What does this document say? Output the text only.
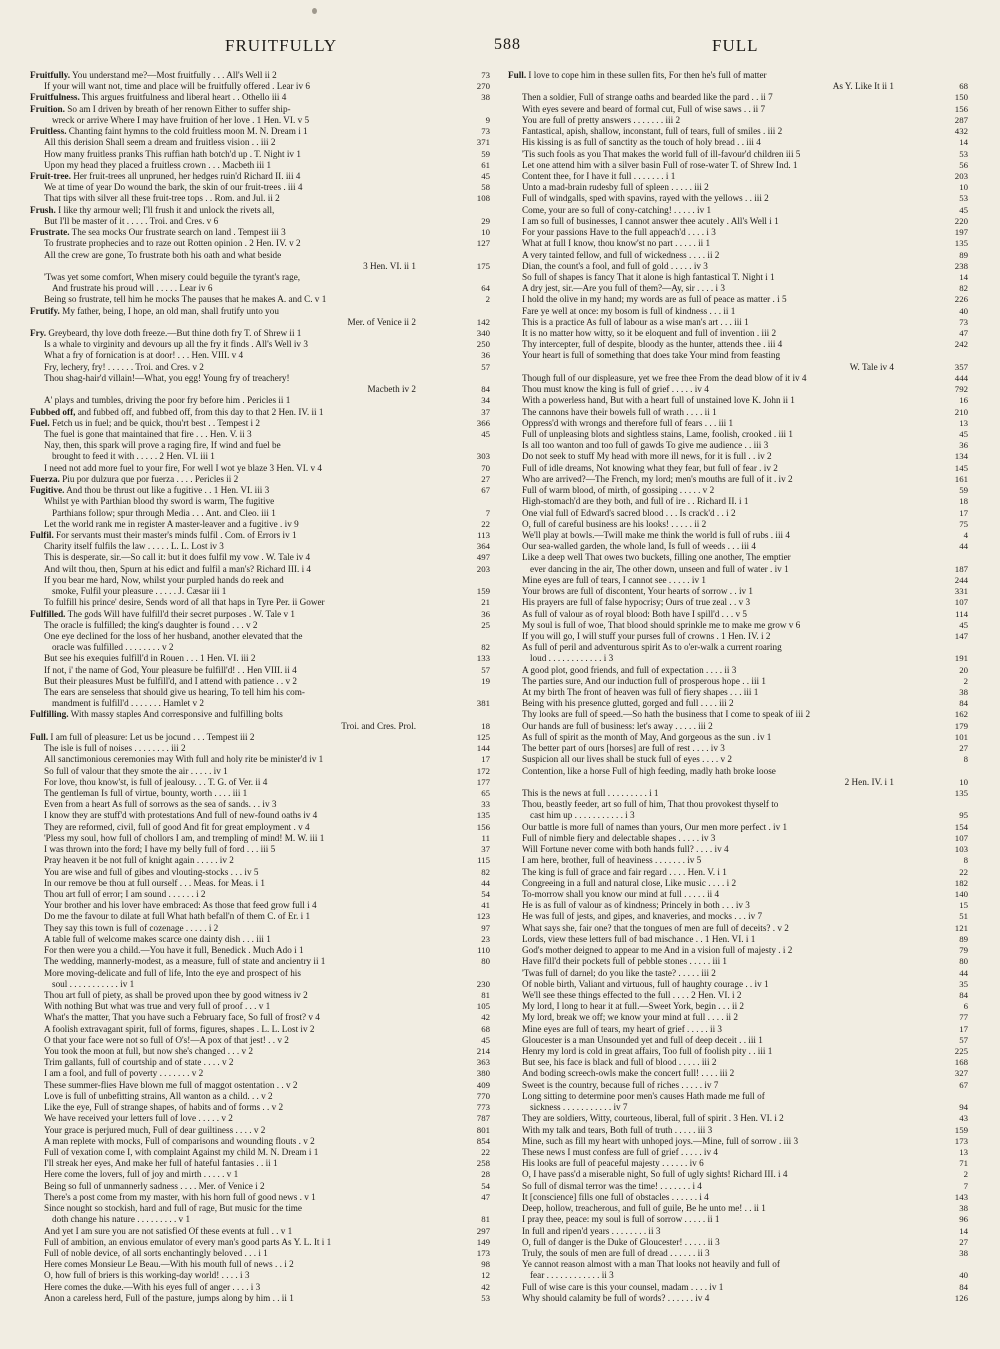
FRUITFULLY	588	FULL
Fruitfully. You understand me?—Most fruitfully . . . All's Well ii 2	73
If your will want not, time and place will be fruitfully offered . Lear iv 6	270
Fruitfulness. This argues fruitfulness and liberal heart . . Othello iii 4	38
Fruition. So am I driven by breath of her renown Either to suffer ship-
wreck or arrive Where I may have fruition of her love . 1 Hen. VI. v 5	9
Fruitless. Chanting faint hymns to the cold fruitless moon M. N. Dream i 1	73
All this derision Shall seem a dream and fruitless vision . . iii 2	371
How many fruitless pranks This ruffian hath botch'd up . T. Night iv 1	59
Upon my head they placed a fruitless crown . . . Macbeth iii 1	61
Fruit-tree. Her fruit-trees all unpruned, her hedges ruin'd Richard II. iii 4	45
We at time of year Do wound the bark, the skin of our fruit-trees . iii 4	58
That tips with silver all these fruit-tree tops . . Rom. and Jul. ii 2	108
Frush. I like thy armour well; I'll frush it and unlock the rivets all,
But I'll be master of it . . . . . Troi. and Cres. v 6	29
Frustrate. The sea mocks Our frustrate search on land . Tempest iii 3	10
To frustrate prophecies and to raze out Rotten opinion . 2 Hen. IV. v 2	127
All the crew are gone, To frustrate both his oath and what beside
3 Hen. VI. ii 1	175
'Twas yet some comfort, When misery could beguile the tyrant's rage,
And frustrate his proud will . . . . . Lear iv 6	64
Being so frustrate, tell him he mocks The pauses that he makes A. and C. v 1	2
Frutify. My father, being, I hope, an old man, shall frutify unto you
Mer. of Venice ii 2	142
Fry. Greybeard, thy love doth freeze.—But thine doth fry T. of Shrew ii 1	340
Is a whale to virginity and devours up all the fry it finds . All's Well iv 3	250
What a fry of fornication is at door! . . . Hen. VIII. v 4	36
Fry, lechery, fry! . . . . . . Troi. and Cres. v 2	57
Thou shag-hair'd villain!—What, you egg! Young fry of treachery!
Macbeth iv 2	84
A' plays and tumbles, driving the poor fry before him . Pericles ii 1	34
Fubbed off, and fubbed off, and fubbed off, from this day to that 2 Hen. IV. ii 1	37
Fuel. Fetch us in fuel; and be quick, thou'rt best . . Tempest i 2	366
The fuel is gone that maintained that fire . . . Hen. V. ii 3	45
Nay, then, this spark will prove a raging fire, If wind and fuel be
brought to feed it with . . . . . 2 Hen. VI. iii 1	303
I need not add more fuel to your fire, For well I wot ye blaze 3 Hen. VI. v 4	70
Fuerza. Piu por dulzura que por fuerza . . . . Pericles ii 2	27
Fugitive. And thou be thrust out like a fugitive . . 1 Hen. VI. iii 3	67
Whilst ye with Parthian blood thy sword is warm, The fugitive
Parthians follow; spur through Media . . . Ant. and Cleo. iii 1	7
Let the world rank me in register A master-leaver and a fugitive . iv 9	22
Fulfil. For servants must their master's minds fulfil . Com. of Errors iv 1	113
Charity itself fulfils the law . . . . . L. L. Lost iv 3	364
This is desperate, sir.—So call it: but it does fulfil my vow . W. Tale iv 4	497
And wilt thou, then, Spurn at his edict and fulfil a man's? Richard III. i 4	203
If you bear me hard, Now, whilst your purpled hands do reek and
smoke, Fulfil your pleasure . . . . . J. Cæsar iii 1	159
To fulfill his prince' desire, Sends word of all that haps in Tyre Per. ii Gower	21
Fulfilled. The gods Will have fulfill'd their secret purposes . W. Tale v 1	36
The oracle is fulfilled; the king's daughter is found . . . v 2	25
One eye declined for the loss of her husband, another elevated that the
oracle was fulfilled . . . . . . . . v 2	82
But see his exequies fulfill'd in Rouen . . . 1 Hen. VI. iii 2	133
If not, i' the name of God, Your pleasure be fulfill'd! . . Hen VIII. ii 4	57
But their pleasures Must be fulfill'd, and I attend with patience . . v 2	19
The ears are senseless that should give us hearing, To tell him his com-
mandment is fulfill'd . . . . . . . Hamlet v 2	381
Fulfilling. With massy staples And corresponsive and fulfilling bolts
Troi. and Cres. Prol.	18
Full. I am full of pleasure: Let us be jocund . . . Tempest iii 2	125
The isle is full of noises . . . . . . . . iii 2	144
All sanctimonious ceremonies may With full and holy rite be minister'd iv 1	17
So full of valour that they smote the air . . . . . iv 1	172
For love, thou know'st, is full of jealousy. . . T. G. of Ver. ii 4	177
The gentleman Is full of virtue, bounty, worth . . . . iii 1	65
Even from a heart As full of sorrows as the sea of sands. . . iv 3	33
I know they are stuff'd with protestations And full of new-found oaths iv 4	135
They are reformed, civil, full of good And fit for great employment . v 4	156
'Pless my soul, how full of chollors I am, and trempling of mind! M. W. iii 1	11
I was thrown into the ford; I have my belly full of ford . . . iii 5	37
Pray heaven it be not full of knight again . . . . . iv 2	115
You are wise and full of gibes and vlouting-stocks . . . iv 5	82
In our remove be thou at full ourself . . . Meas. for Meas. i 1	44
Thou art full of error; I am sound . . . . . . i 2	54
Your brother and his lover have embraced: As those that feed grow full i 4	41
Do me the favour to dilate at full What hath befall'n of them C. of Er. i 1	123
They say this town is full of cozenage . . . . . i 2	97
A table full of welcome makes scarce one dainty dish . . . iii 1	23
For then were you a child.—You have it full, Benedick . Much Ado i 1	110
The wedding, mannerly-modest, as a measure, full of state and ancientry ii 1	80
More moving-delicate and full of life, Into the eye and prospect of his
soul . . . . . . . . . . . iv 1	230
Thou art full of piety, as shall be proved upon thee by good witness iv 2	81
With nothing But what was true and very full of proof . . . v 1	105
What's the matter, That you have such a February face, So full of frost? v 4	42
A foolish extravagant spirit, full of forms, figures, shapes . L. L. Lost iv 2	68
O that your face were not so full of O's!—A pox of that jest! . . v 2	45
You took the moon at full, but now she's changed . . . v 2	214
Trim gallants, full of courtship and of state . . . . v 2	363
I am a fool, and full of poverty . . . . . . . v 2	380
These summer-flies Have blown me full of maggot ostentation . . v 2	409
Love is full of unbefitting strains, All wanton as a child. . . v 2	770
Like the eye, Full of strange shapes, of habits and of forms . . v 2	773
We have received your letters full of love . . . . . v 2	787
Your grace is perjured much, Full of dear guiltiness . . . . v 2	801
A man replete with mocks, Full of comparisons and wounding flouts . v 2	854
Full of vexation come I, with complaint Against my child M. N. Dream i 1	22
I'll streak her eyes, And make her full of hateful fantasies . . ii 1	258
Here come the lovers, full of joy and mirth . . . . . v 1	28
Being so full of unmannerly sadness . . . . Mer. of Venice i 2	54
There's a post come from my master, with his horn full of good news . v 1	47
Since nought so stockish, hard and full of rage, But music for the time
doth change his nature . . . . . . . . . v 1	81
And yet I am sure you are not satisfied Of these events at full . . v 1	297
Full of ambition, an envious emulator of every man's good parts As Y. L. It i 1	149
Full of noble device, of all sorts enchantingly beloved . . . i 1	173
Here comes Monsieur Le Beau.—With his mouth full of news . . i 2	98
O, how full of briers is this working-day world! . . . . i 3	12
Here comes the duke.—With his eyes full of anger . . . . i 3	42
Anon a careless herd, Full of the pasture, jumps along by him . . ii 1	53
Full. I love to cope him in these sullen fits, For then he's full of matter
As Y. Like It ii 1	68
Then a soldier, Full of strange oaths and bearded like the pard . . ii 7	150
With eyes severe and beard of formal cut, Full of wise saws . . ii 7	156
You are full of pretty answers . . . . . . . iii 2	287
Fantastical, apish, shallow, inconstant, full of tears, full of smiles . iii 2	432
His kissing is as full of sanctity as the touch of holy bread . . iii 4	14
'Tis such fools as you That makes the world full of ill-favour'd children iii 5	53
Let one attend him with a silver basin Full of rose-water T. of Shrew Ind. 1	56
Content thee, for I have it full . . . . . . . i 1	203
Unto a mad-brain rudesby full of spleen . . . . . iii 2	10
Full of windgalls, sped with spavins, rayed with the yellows . . iii 2	53
Come, your are so full of cony-catching! . . . . . iv 1	45
I am so full of businesses, I cannot answer thee acutely . All's Well i 1	220
For your passions Have to the full appeach'd . . . . i 3	197
What at full I know, thou know'st no part . . . . . ii 1	135
A very tainted fellow, and full of wickedness . . . . ii 2	89
Dian, the count's a fool, and full of gold . . . . . iv 3	238
So full of shapes is fancy That it alone is high fantastical T. Night i 1	14
A dry jest, sir.—Are you full of them?—Ay, sir . . . . i 3	82
I hold the olive in my hand; my words are as full of peace as matter . i 5	226
Fare ye well at once: my bosom is full of kindness . . . ii 1	40
This is a practice As full of labour as a wise man's art . . . iii 1	73
It is no matter how witty, so it be eloquent and full of invention . iii 2	47
Thy intercepter, full of despite, bloody as the hunter, attends thee . iii 4	242
Your heart is full of something that does take Your mind from feasting
W. Tale iv 4	357
Though full of our displeasure, yet we free thee From the dead blow of it iv 4	444
Thou must know the king is full of grief . . . . . iv 4	792
With a powerless hand, But with a heart full of unstained love K. John ii 1	16
The cannons have their bowels full of wrath . . . . ii 1	210
Oppress'd with wrongs and therefore full of fears . . . iii 1	13
Full of unpleasing blots and sightless stains, Lame, foolish, crooked . iii 1	45
Is all too wanton and too full of gawds To give me audience . . iii 3	36
Do not seek to stuff My head with more ill news, for it is full . . iv 2	134
Full of idle dreams, Not knowing what they fear, but full of fear . iv 2	145
Who are arrived?—The French, my lord; men's mouths are full of it . iv 2	161
Full of warm blood, of mirth, of gossiping . . . . . v 2	59
High-stomach'd are they both, and full of ire . . Richard II. i 1	18
One vial full of Edward's sacred blood . . . Is crack'd . . i 2	17
O, full of careful business are his looks! . . . . . ii 2	75
We'll play at bowls.—Twill make me think the world is full of rubs . iii 4	4
Our sea-walled garden, the whole land, Is full of weeds . . . iii 4	44
Like a deep well That owes two buckets, filling one another, The emptier
ever dancing in the air, The other down, unseen and full of water . iv 1	187
Mine eyes are full of tears, I cannot see . . . . . iv 1	244
Your brows are full of discontent, Your hearts of sorrow . . iv 1	331
His prayers are full of false hypocrisy; Ours of true zeal . . v 3	107
As full of valour as of royal blood: Both have I spill'd . . . v 5	114
My soul is full of woe, That blood should sprinkle me to make me grow v 6	45
If you will go, I will stuff your purses full of crowns . 1 Hen. IV. i 2	147
As full of peril and adventurous spirit As to o'er-walk a current roaring
loud . . . . . . . . . . . . i 3	191
A good plot, good friends, and full of expectation . . . . ii 3	20
The parties sure, And our induction full of prosperous hope . . iii 1	2
At my birth The front of heaven was full of fiery shapes . . . iii 1	38
Being with his presence glutted, gorged and full . . . . iii 2	84
Thy looks are full of speed.—So hath the business that I come to speak of iii 2	162
Our hands are full of business: let's away . . . . . iii 2	179
As full of spirit as the month of May, And gorgeous as the sun . iv 1	101
The better part of ours [horses] are full of rest . . . . iv 3	27
Suspicion all our lives shall be stuck full of eyes . . . . v 2	8
Contention, like a horse Full of high feeding, madly hath broke loose
2 Hen. IV. i 1	10
This is the news at full . . . . . . . . . i 1	135
Thou, beastly feeder, art so full of him, That thou provokest thyself to
cast him up . . . . . . . . . . . i 3	95
Our battle is more full of names than yours, Our men more perfect . iv 1	154
Full of nimble fiery and delectable shapes . . . . . iv 3	107
Will Fortune never come with both hands full? . . . . iv 4	103
I am here, brother, full of heaviness . . . . . . . iv 5	8
The king is full of grace and fair regard . . . . Hen. V. i 1	22
Congreeing in a full and natural close, Like music . . . . i 2	182
To-morrow shall you know our mind at full . . . . . ii 4	140
He is as full of valour as of kindness; Princely in both . . . iv 3	15
He was full of jests, and gipes, and knaveries, and mocks . . . iv 7	51
What says she, fair one? that the tongues of men are full of deceits? . v 2	121
Lords, view these letters full of bad mischance . . 1 Hen. VI. i 1	89
God's mother deigned to appear to me And in a vision full of majesty . i 2	79
Have fill'd their pockets full of pebble stones . . . . . iii 1	80
'Twas full of darnel; do you like the taste? . . . . . iii 2	44
Of noble birth, Valiant and virtuous, full of haughty courage . . iv 1	35
We'll see these things effected to the full . . . . 2 Hen. VI. i 2	84
My lord, I long to hear it at full.—Sweet York, begin . . . ii 2	6
My lord, break we off; we know your mind at full . . . . ii 2	77
Mine eyes are full of tears, my heart of grief . . . . . ii 3	17
Gloucester is a man Unsounded yet and full of deep deceit . . iii 1	57
Henry my lord is cold in great affairs, Too full of foolish pity . . iii 1	225
But see, his face is black and full of blood . . . . . iii 2	168
And boding screech-owls make the concert full! . . . . iii 2	327
Sweet is the country, because full of riches . . . . . iv 7	67
Long sitting to determine poor men's causes Hath made me full of
sickness . . . . . . . . . . . iv 7	94
They are soldiers, Witty, courteous, liberal, full of spirit . 3 Hen. VI. i 2	43
With my talk and tears, Both full of truth . . . . . iii 3	159
Mine, such as fill my heart with unhoped joys.—Mine, full of sorrow . iii 3	173
These news I must confess are full of grief . . . . . iv 4	13
His looks are full of peaceful majesty . . . . . . iv 6	71
O, I have pass'd a miserable night, So full of ugly sights! Richard III. i 4	2
So full of dismal terror was the time! . . . . . . . i 4	7
It [conscience] fills one full of obstacles . . . . . . i 4	143
Deep, hollow, treacherous, and full of guile, Be he unto me! . . ii 1	38
I pray thee, peace: my soul is full of sorrow . . . . . ii 1	96
In full and ripen'd years . . . . . . . . ii 3	14
O, full of danger is the Duke of Gloucester! . . . . . ii 3	27
Truly, the souls of men are full of dread . . . . . . ii 3	38
Ye cannot reason almost with a man That looks not heavily and full of
fear . . . . . . . . . . . . ii 3	40
Full of wise care is this your counsel, madam . . . . iv 1	84
Why should calamity be full of words? . . . . . . iv 4	126
